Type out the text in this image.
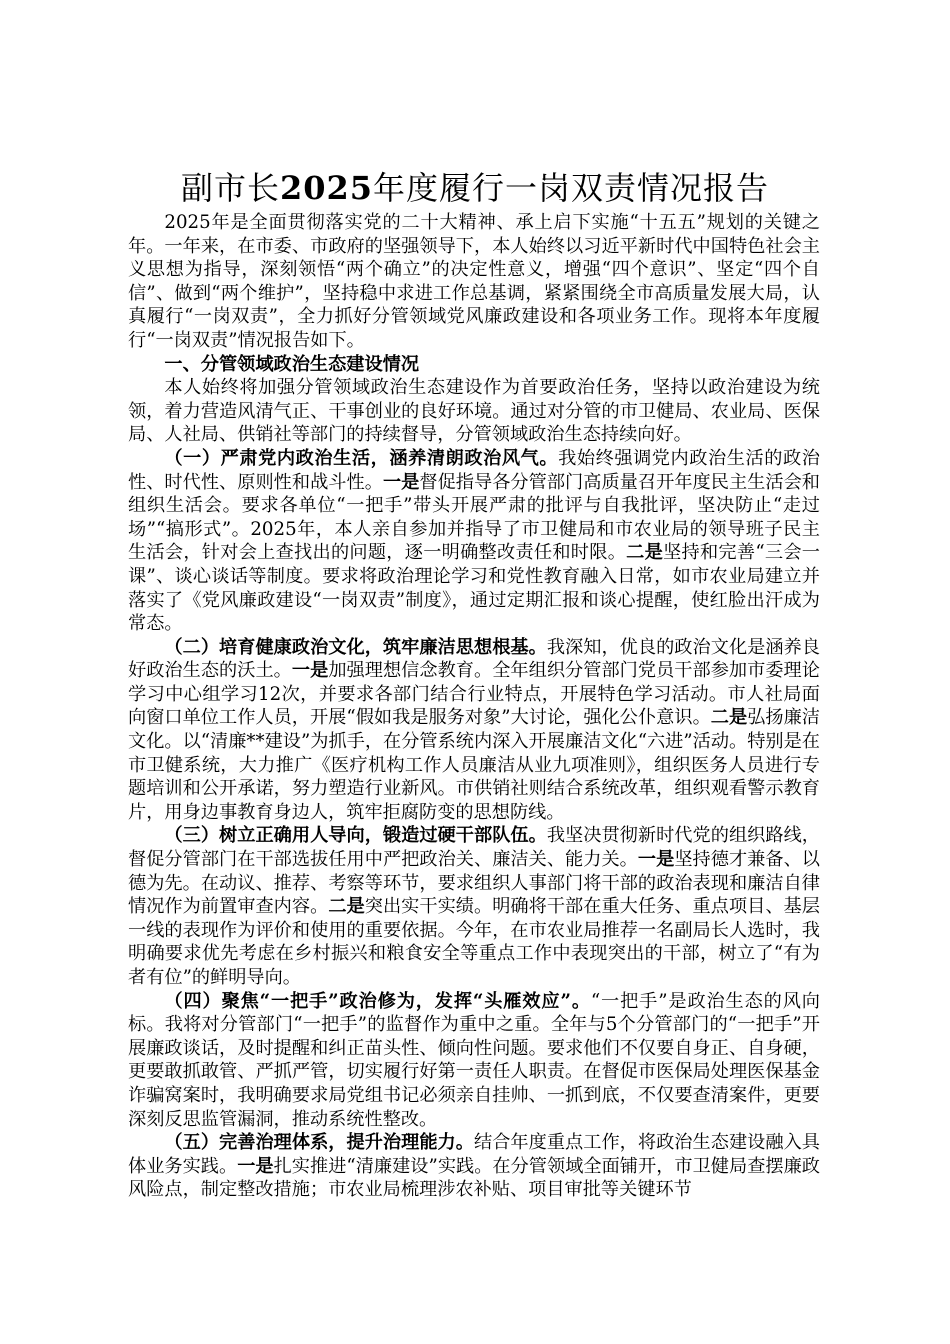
副市长2025年度履行一岗双责情况报告

2025年是全面贯彻落实党的二十大精神、承上启下实施“十五五”规划的关键之年。一年来，在市委、市政府的坚强领导下，本人始终以习近平新时代中国特色社会主义思想为指导，深刻领悟“两个确立”的决定性意义，增强“四个意识”、坚定“四个自信”、做到“两个维护”，坚持稳中求进工作总基调，紧紧围绕全市高质量发展大局，认真履行“一岗双责”，全力抓好分管领域党风廉政建设和各项业务工作。现将本年度履行“一岗双责”情况报告如下。

一、分管领域政治生态建设情况

本人始终将加强分管领域政治生态建设作为首要政治任务，坚持以政治建设为统领，着力营造风清气正、干事创业的良好环境。通过对分管的市卫健局、农业局、医保局、人社局、供销社等部门的持续督导，分管领域政治生态持续向好。

（一）严肃党内政治生活，涵养清朗政治风气。我始终强调党内政治生活的政治性、时代性、原则性和战斗性。一是督促指导各分管部门高质量召开年度民主生活会和组织生活会。要求各单位“一把手”带头开展严肃的批评与自我批评，坚决防止“走过场”“搞形式”。2025年，本人亲自参加并指导了市卫健局和市农业局的领导班子民主生活会，针对会上查找出的问题，逐一明确整改责任和时限。二是坚持和完善“三会一课”、谈心谈话等制度。要求将政治理论学习和党性教育融入日常，如市农业局建立并落实了《党风廉政建设“一岗双责”制度》，通过定期汇报和谈心提醒，使红脸出汗成为常态。

（二）培育健康政治文化，筑牢廉洁思想根基。我深知，优良的政治文化是涵养良好政治生态的沃土。一是加强理想信念教育。全年组织分管部门党员干部参加市委理论学习中心组学习12次，并要求各部门结合行业特点，开展特色学习活动。市人社局面向窗口单位工作人员，开展“假如我是服务对象”大讨论，强化公仆意识。二是弘扬廉洁文化。以“清廉**建设”为抓手，在分管系统内深入开展廉洁文化“六进”活动。特别是在市卫健系统，大力推广《医疗机构工作人员廉洁从业九项准则》，组织医务人员进行专题培训和公开承诺，努力塑造行业新风。市供销社则结合系统改革，组织观看警示教育片，用身边事教育身边人，筑牢拒腐防变的思想防线。

（三）树立正确用人导向，锻造过硬干部队伍。我坚决贯彻新时代党的组织路线，督促分管部门在干部选拔任用中严把政治关、廉洁关、能力关。一是坚持德才兼备、以德为先。在动议、推荐、考察等环节，要求组织人事部门将干部的政治表现和廉洁自律情况作为前置审查内容。二是突出实干实绩。明确将干部在重大任务、重点项目、基层一线的表现作为评价和使用的重要依据。今年，在市农业局推荐一名副局长人选时，我明确要求优先考虑在乡村振兴和粮食安全等重点工作中表现突出的干部，树立了“有为者有位”的鲜明导向。

（四）聚焦“一把手”政治修为，发挥“头雁效应”。“一把手”是政治生态的风向标。我将对分管部门“一把手”的监督作为重中之重。全年与5个分管部门的“一把手”开展廉政谈话，及时提醒和纠正苗头性、倾向性问题。要求他们不仅要自身正、自身硬，更要敢抓敢管、严抓严管，切实履行好第一责任人职责。在督促市医保局处理医保基金诈骗窝案时，我明确要求局党组书记必须亲自挂帅、一抓到底，不仅要查清案件，更要深刻反思监管漏洞，推动系统性整改。

（五）完善治理体系，提升治理能力。结合年度重点工作，将政治生态建设融入具体业务实践。一是扎实推进“清廉建设”实践。在分管领域全面铺开，市卫健局查摆廉政风险点，制定整改措施；市农业局梳理涉农补贴、项目审批等关键环节
